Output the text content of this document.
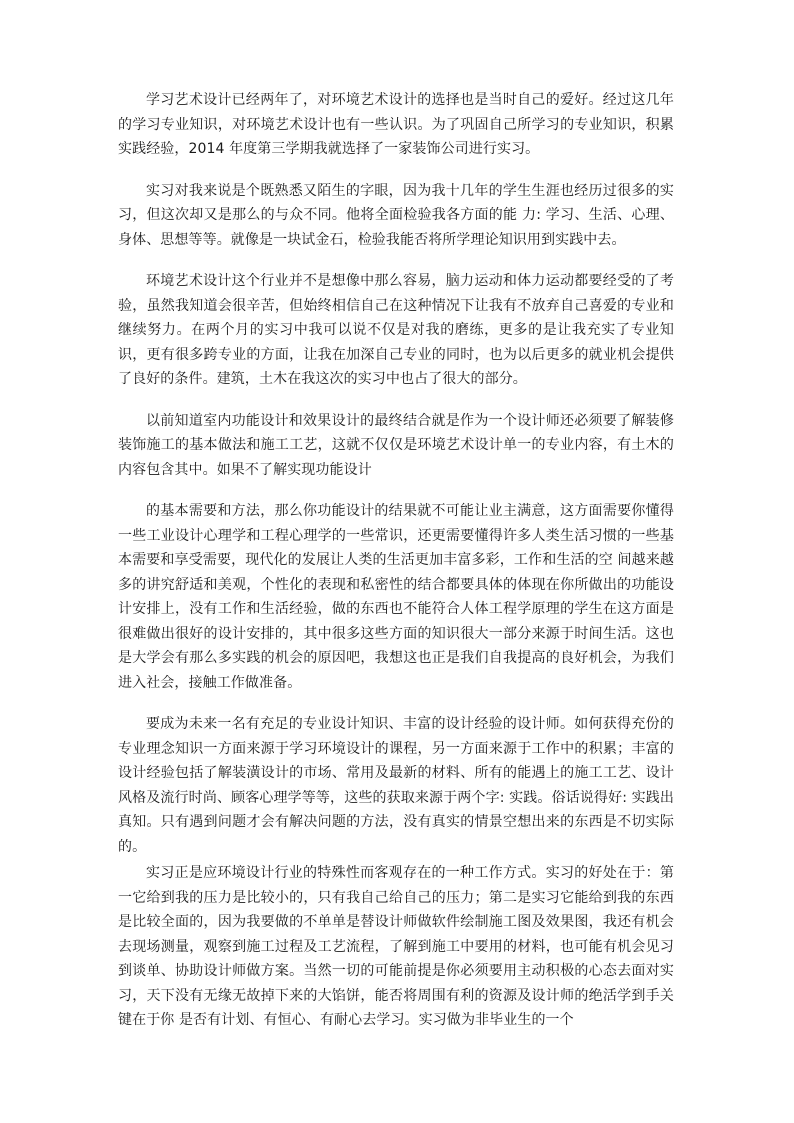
学习艺术设计已经两年了，对环境艺术设计的选择也是当时自己的爱好。经过这几年的学习专业知识，对环境艺术设计也有一些认识。为了巩固自己所学习的专业知识，积累实践经验，2014 年度第三学期我就选择了一家装饰公司进行实习。

实习对我来说是个既熟悉又陌生的字眼，因为我十几年的学生生涯也经历过很多的实习，但这次却又是那么的与众不同。他将全面检验我各方面的能 力: 学习、生活、心理、身体、思想等等。就像是一块试金石，检验我能否将所学理论知识用到实践中去。

环境艺术设计这个行业并不是想像中那么容易，脑力运动和体力运动都要经受的了考验，虽然我知道会很辛苦，但始终相信自己在这种情况下让我有不放弃自己喜爱的专业和继续努力。在两个月的实习中我可以说不仅是对我的磨练，更多的是让我充实了专业知识，更有很多跨专业的方面，让我在加深自己专业的同时，也为以后更多的就业机会提供了良好的条件。建筑，土木在我这次的实习中也占了很大的部分。

以前知道室内功能设计和效果设计的最终结合就是作为一个设计师还必须要了解装修装饰施工的基本做法和施工工艺，这就不仅仅是环境艺术设计单一的专业内容，有土木的内容包含其中。如果不了解实现功能设计

的基本需要和方法，那么你功能设计的结果就不可能让业主满意，这方面需要你懂得一些工业设计心理学和工程心理学的一些常识，还更需要懂得许多人类生活习惯的一些基本需要和享受需要，现代化的发展让人类的生活更加丰富多彩，工作和生活的空 间越来越多的讲究舒适和美观，个性化的表现和私密性的结合都要具体的体现在你所做出的功能设计安排上，没有工作和生活经验，做的东西也不能符合人体工程学原理的学生在这方面是很难做出很好的设计安排的，其中很多这些方面的知识很大一部分来源于时间生活。这也是大学会有那么多实践的机会的原因吧，我想这也正是我们自我提高的良好机会，为我们进入社会，接触工作做准备。

要成为未来一名有充足的专业设计知识、丰富的设计经验的设计师。如何获得充份的专业理念知识一方面来源于学习环境设计的课程，另一方面来源于工作中的积累；丰富的设计经验包括了解装潢设计的市场、常用及最新的材料、所有的能遇上的施工工艺、设计风格及流行时尚、顾客心理学等等，这些的获取来源于两个字: 实践。俗话说得好: 实践出真知。只有遇到问题才会有解决问题的方法，没有真实的情景空想出来的东西是不切实际的。

实习正是应环境设计行业的特殊性而客观存在的一种工作方式。实习的好处在于：第一它给到我的压力是比较小的，只有我自己给自己的压力；第二是实习它能给到我的东西是比较全面的，因为我要做的不单单是替设计师做软件绘制施工图及效果图，我还有机会去现场测量，观察到施工过程及工艺流程，了解到施工中要用的材料，也可能有机会见习到谈单、协助设计师做方案。当然一切的可能前提是你必须要用主动积极的心态去面对实习，天下没有无缘无故掉下来的大馅饼，能否将周围有利的资源及设计师的绝活学到手关键在于你 是否有计划、有恒心、有耐心去学习。实习做为非毕业生的一个
